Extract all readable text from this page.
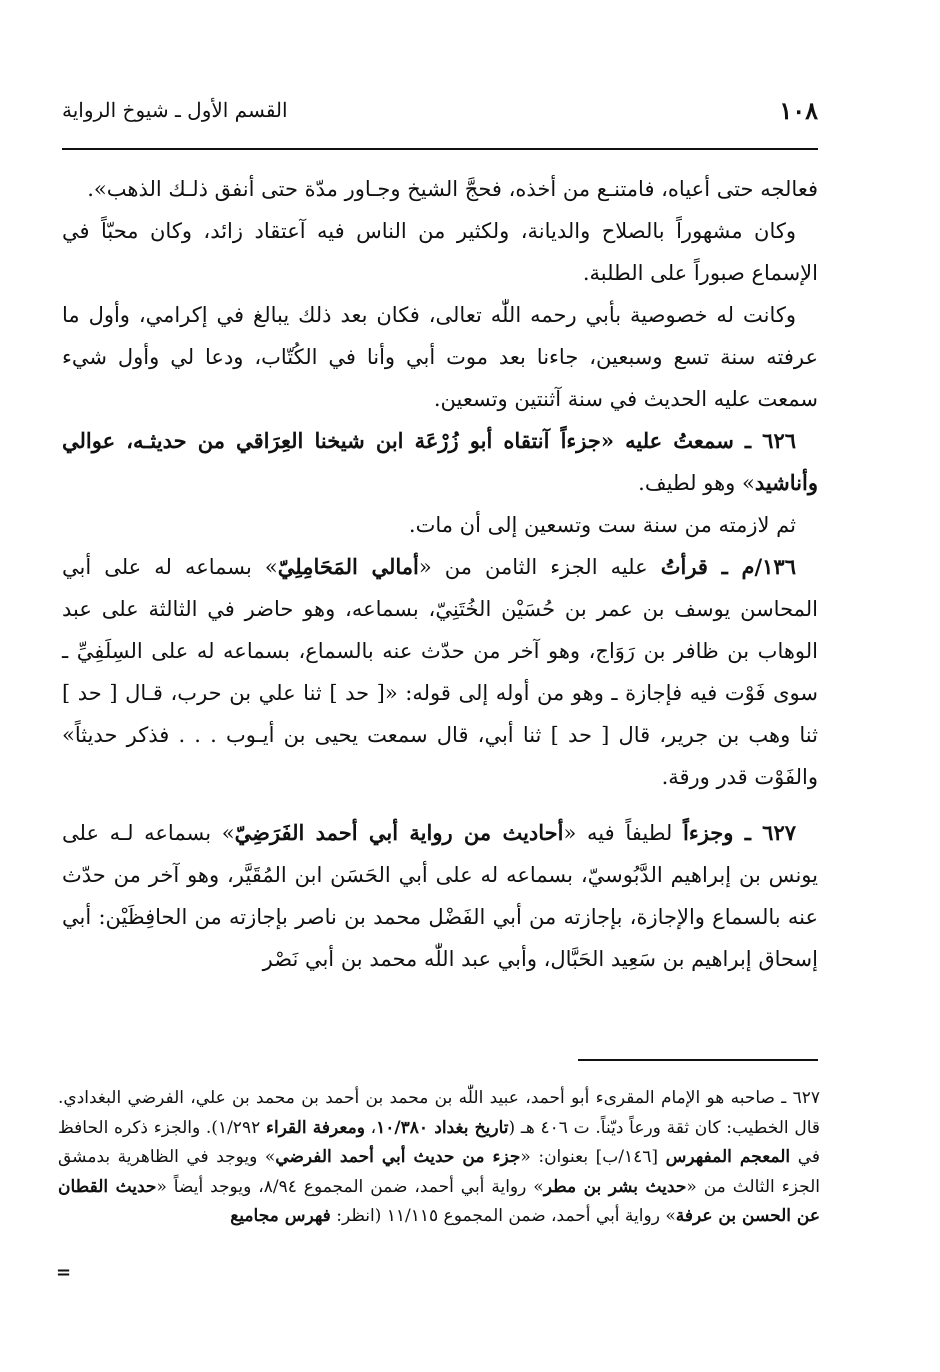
١٠٨
القسم الأول ـ شيوخ الرواية

فعالجه حتى أعياه، فامتنـع من أخذه، فحجَّ الشيخ وجـاور مدّة حتى أنفق ذلـك الذهب».

وكان مشهوراً بالصلاح والديانة، ولكثير من الناس فيه آعتقاد زائد، وكان محبّاً في الإسماع صبوراً على الطلبة.

وكانت له خصوصية بأبي رحمه اللّٰه تعالى، فكان بعد ذلك يبالغ في إكرامي، وأول ما عرفته سنة تسع وسبعين، جاءنا بعد موت أبي وأنا في الكُتّاب، ودعا لي وأول شيء سمعت عليه الحديث في سنة آثنتين وتسعين.

٦٢٦ ـ سمعتُ عليه «جزءاً آنتقاه أبو زُرْعَة ابن شيخنا العِرَاقي من حديثـه، عوالي وأناشيد» وهو لطيف.

ثم لازمته من سنة ست وتسعين إلى أن مات.

١٣٦/م ـ قرأتُ عليه الجزء الثامن من «أمالي المَحَامِلِيّ» بسماعه له على أبي المحاسن يوسف بن عمر بن حُسَيْن الخُتَنِيّ، بسماعه، وهو حاضر في الثالثة على عبد الوهاب بن ظافر بن رَوَاج، وهو آخر من حدّث عنه بالسماع، بسماعه له على السِلَفِيِّ ـ سوى فَوْت فيه فإجازة ـ وهو من أوله إلى قوله: «[ حد ] ثنا علي بن حرب، قـال [ حد ] ثنا وهب بن جرير، قال [ حد ] ثنا أبي، قال سمعت يحيى بن أيـوب . . . فذكر حديثاً» والفَوْت قدر ورقة.

٦٢٧ ـ وجزءاً لطيفاً فيه «أحاديث من رواية أبي أحمد الفَرَضِيّ» بسماعه لـه على يونس بن إبراهيم الدَّبُوسيّ، بسماعه له على أبي الحَسَن ابن المُقَيَّر، وهو آخر من حدّث عنه بالسماع والإجازة، بإجازته من أبي الفَضْل محمد بن ناصر بإجازته من الحافِظَيْن: أبي إسحاق إبراهيم بن سَعِيد الحَبَّال، وأبي عبد اللّٰه محمد بن أبي نَصْر

٦٢٧ ـ صاحبه هو الإمام المقرىء أبو أحمد، عبيد اللّٰه بن محمد بن أحمد بن محمد بن علي، الفرضي البغدادي. قال الخطيب: كان ثقة ورعاً ديّناً. ت ٤٠٦ هـ (تاريخ بغداد ١٠/٣٨٠، ومعرفة القراء ١/٢٩٢). والجزء ذكره الحافظ في المعجم المفهرس [١٤٦/ب] بعنوان: «جزء من حديث أبي أحمد الفرضي» ويوجد في الظاهرية بدمشق الجزء الثالث من «حديث بشر بن مطر» رواية أبي أحمد، ضمن المجموع ٨/٩٤، ويوجد أيضاً «حديث القطان عن الحسن بن عرفة» رواية أبي أحمد، ضمن المجموع ١١/١١٥ (انظر: فهرس مجاميع

=
